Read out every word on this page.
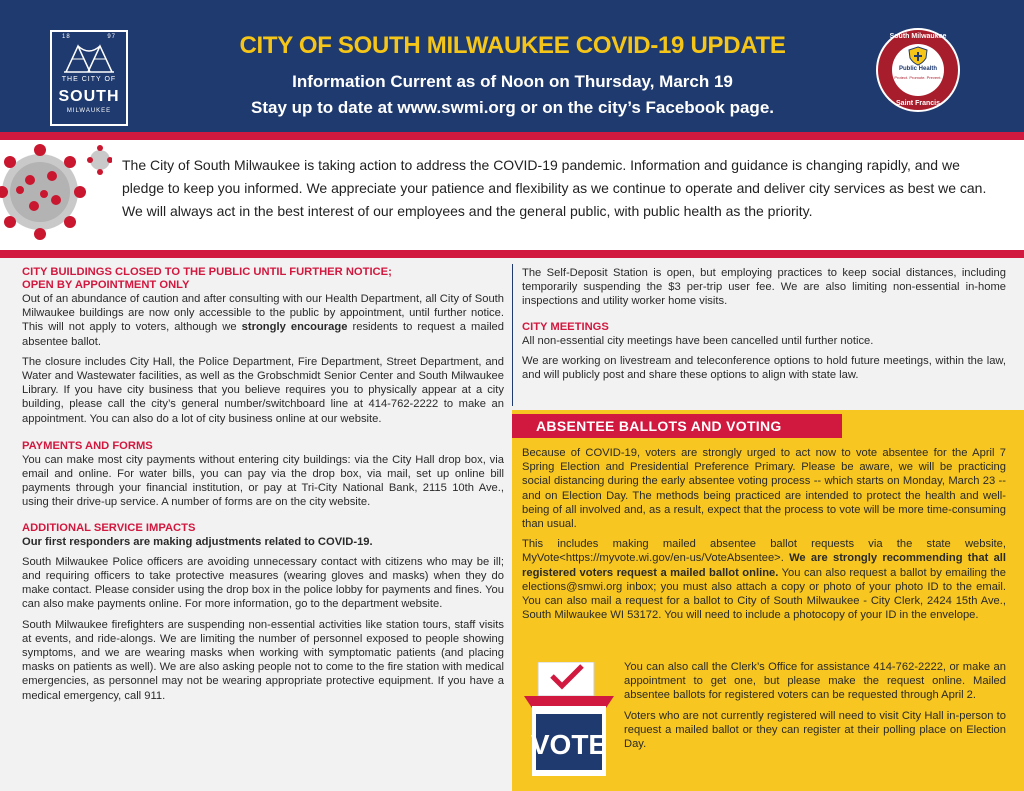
18	97
THE CITY OF
SOUTH
MILWAUKEE
CITY OF SOUTH MILWAUKEE COVID-19 UPDATE
Information Current as of Noon on Thursday, March 19
Stay up to date at www.swmi.org or on the city’s Facebook page.
South Milwaukee
Public Health
Protect. Promote. Prevent.
Saint Francis

The City of South Milwaukee is taking action to address the COVID-19 pandemic. Information and guidance is changing rapidly, and we pledge to keep you informed. We appreciate your patience and flexibility as we continue to operate and deliver city services as best we can. We will always act in the best interest of our employees and the general public, with public health as the priority.

CITY BUILDINGS CLOSED TO THE PUBLIC UNTIL FURTHER NOTICE;
OPEN BY APPOINTMENT ONLY

Out of an abundance of caution and after consulting with our Health Department, all City of South Milwaukee buildings are now only accessible to the public by appointment, until further notice. This will not apply to voters, although we strongly encourage residents to request a mailed absentee ballot.

The closure includes City Hall, the Police Department, Fire Department, Street Department, and Water and Wastewater facilities, as well as the Grobschmidt Senior Center and South Milwaukee Library. If you have city business that you believe requires you to physically appear at a city building, please call the city’s general number/switchboard line at 414-762-2222 to make an appointment. You can also do a lot of city business online at our website.

PAYMENTS AND FORMS

You can make most city payments without entering city buildings: via the City Hall drop box, via email and online. For water bills, you can pay via the drop box, via mail, set up online bill payments through your financial institution, or pay at Tri-City National Bank, 2115 10th Ave., using their drive-up service. A number of forms are on the city website.

ADDITIONAL SERVICE IMPACTS

Our first responders are making adjustments related to COVID-19.

South Milwaukee Police officers are avoiding unnecessary contact with citizens who may be ill; and requiring officers to take protective measures (wearing gloves and masks) when they do make contact. Please consider using the drop box in the police lobby for payments and fines. You can also make payments online. For more information, go to the department website.

South Milwaukee firefighters are suspending non-essential activities like station tours, staff visits at events, and ride-alongs. We are limiting the number of personnel exposed to people showing symptoms, and we are wearing masks when working with symptomatic patients (and placing masks on patients as well). We are also asking people not to come to the fire station with medical emergencies, as personnel may not be wearing appropriate protective equipment. If you have a medical emergency, call 911.

The Self-Deposit Station is open, but employing practices to keep social distances, including temporarily suspending the $3 per-trip user fee. We are also limiting non-essential in-home inspections and utility worker home visits.

CITY MEETINGS

All non-essential city meetings have been cancelled until further notice.

We are working on livestream and teleconference options to hold future meetings, within the law, and will publicly post and share these options to align with state law.

ABSENTEE BALLOTS AND VOTING

Because of COVID-19, voters are strongly urged to act now to vote absentee for the April 7 Spring Election and Presidential Preference Primary. Please be aware, we will be practicing social distancing during the early absentee voting process -- which starts on Monday, March 23 -- and on Election Day. The methods being practiced are intended to protect the health and well-being of all involved and, as a result, expect that the process to vote will be more time-consuming than usual.

This includes making mailed absentee ballot requests via the state website, MyVote<https://myvote.wi.gov/en-us/VoteAbsentee>. We are strongly recommending that all registered voters request a mailed ballot online. You can also request a ballot by emailing the elections@smwi.org inbox; you must also attach a copy or photo of your photo ID to the email. You can also mail a request for a ballot to City of South Milwaukee - City Clerk, 2424 15th Ave., South Milwaukee WI 53172. You will need to include a photocopy of your ID in the envelope.

You can also call the Clerk’s Office for assistance 414-762-2222, or make an appointment to get one, but please make the request online. Mailed absentee ballots for registered voters can be requested through April 2.

Voters who are not currently registered will need to visit City Hall in-person to request a mailed ballot or they can register at their polling place on Election Day.

VOTE
